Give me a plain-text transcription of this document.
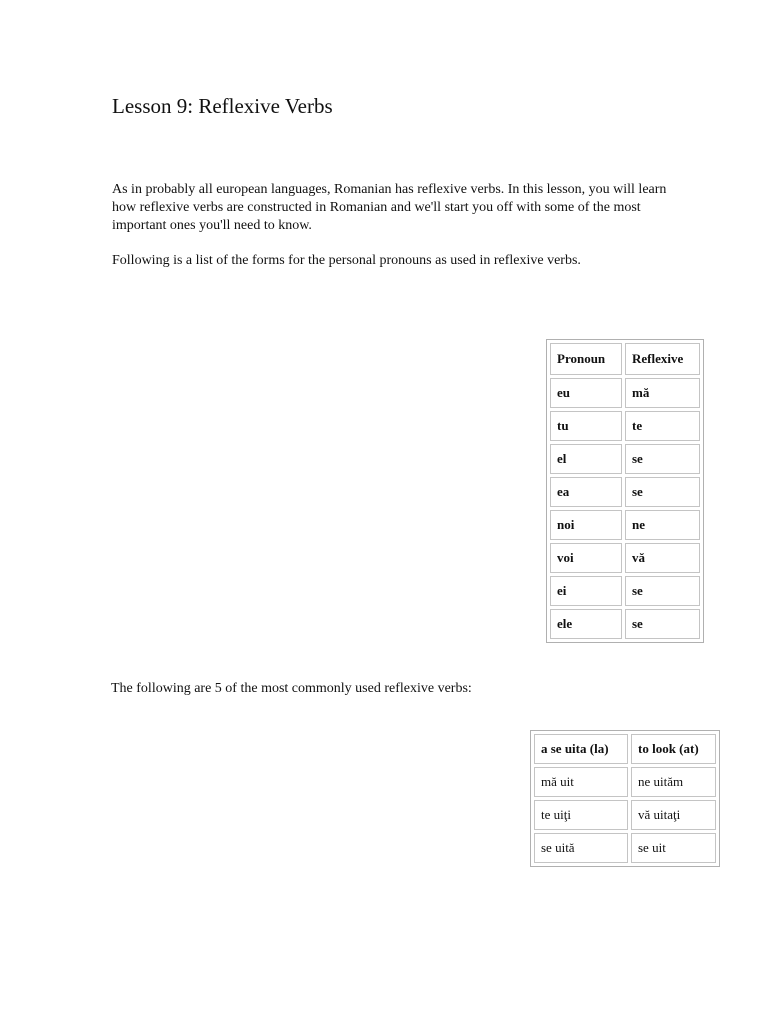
Lesson 9: Reflexive Verbs

As in probably all european languages, Romanian has reflexive verbs. In this lesson, you will learn how reflexive verbs are constructed in Romanian and we'll start you off with some of the most important ones you'll need to know.

Following is a list of the forms for the personal pronouns as used in reflexive verbs.

Pronoun	Reflexive
eu	mă
tu	te
el	se
ea	se
noi	ne
voi	vă
ei	se
ele	se

The following are 5 of the most commonly used reflexive verbs:

a se uita (la)	to look (at)
mă uit	ne uităm
te uiţi	vă uitaţi
se uită	se uit
